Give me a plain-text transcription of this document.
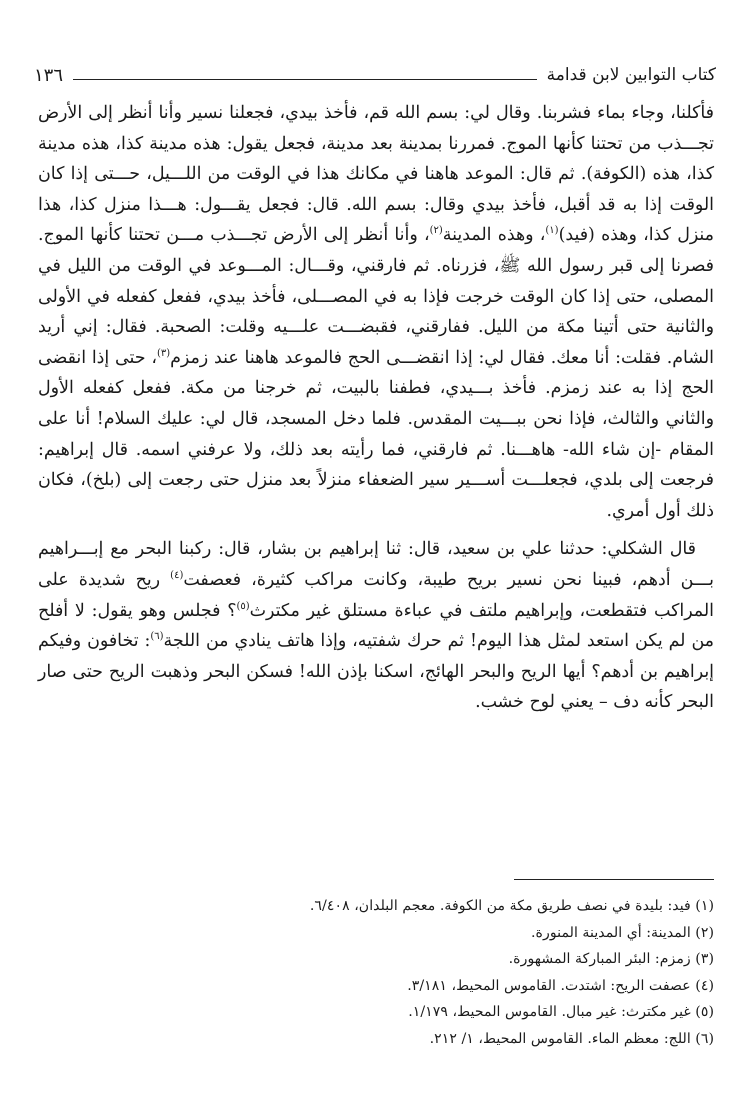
كتاب التوابين لابن قدامة
١٣٦

فأكلنا، وجاء بماء فشربنا. وقال لي: بسم الله قم، فأخذ بيدي، فجعلنا نسير وأنا أنظر إلى الأرض تجـــذب من تحتنا كأنها الموج. فمررنا بمدينة بعد مدينة، فجعل يقول: هذه مدينة كذا، هذه مدينة كذا، هذه (الكوفة). ثم قال: الموعد هاهنا في مكانك هذا في الوقت من اللـــيل، حـــتى إذا كان الوقت إذا به قد أقبل، فأخذ بيدي وقال: بسم الله. قال: فجعل يقـــول: هـــذا منزل كذا، هذا منزل كذا، وهذه (فيد)$^{(١)}$، وهذه المدينة$^{(٢)}$، وأنا أنظر إلى الأرض تجـــذب مـــن تحتنا كأنها الموج. فصرنا إلى قبر رسول الله ﷺ، فزرناه. ثم فارقني، وقـــال: المـــوعد في الوقت من الليل في المصلى، حتى إذا كان الوقت خرجت فإذا به في المصـــلى، فأخذ بيدي، ففعل كفعله في الأولى والثانية حتى أتينا مكة من الليل. ففارقني، فقبضـــت علـــيه وقلت: الصحبة. فقال: إني أريد الشام. فقلت: أنا معك. فقال لي: إذا انقضـــى الحج فالموعد هاهنا عند زمزم$^{(٣)}$، حتى إذا انقضى الحج إذا به عند زمزم. فأخذ بـــيدي، فطفنا بالبيت، ثم خرجنا من مكة. ففعل كفعله الأول والثاني والثالث، فإذا نحن ببـــيت المقدس. فلما دخل المسجد، قال لي: عليك السلام! أنا على المقام -إن شاء الله- هاهـــنا. ثم فارقني، فما رأيته بعد ذلك، ولا عرفني اسمه. قال إبراهيم: فرجعت إلى بلدي، فجعلـــت أســـير سير الضعفاء منزلاً بعد منزل حتى رجعت إلى (بلخ)، فكان ذلك أول أمري.

قال الشكلي: حدثنا علي بن سعيد، قال: ثنا إبراهيم بن بشار، قال: ركبنا البحر مع إبـــراهيم بـــن أدهم، فبينا نحن نسير بريح طيبة، وكانت مراكب كثيرة، فعصفت$^{(٤)}$ ريح شديدة على المراكب فتقطعت، وإبراهيم ملتف في عباءة مستلق غير مكترث$^{(٥)}$؟ فجلس وهو يقول: لا أفلح من لم يكن استعد لمثل هذا اليوم! ثم حرك شفتيه، وإذا هاتف ينادي من اللجة$^{(٦)}$: تخافون وفيكم إبراهيم بن أدهم؟ أيها الريح والبحر الهائج، اسكنا بإذن الله! فسكن البحر وذهبت الريح حتى صار البحر كأنه دف – يعني لوح خشب.

(١) فيد: بليدة في نصف طريق مكة من الكوفة. معجم البلدان، ٦/٤٠٨.
(٢) المدينة: أي المدينة المنورة.
(٣) زمزم: البئر المباركة المشهورة.
(٤) عصفت الريح: اشتدت. القاموس المحيط، ٣/١٨١.
(٥) غير مكترث: غير مبال. القاموس المحيط، ١/١٧٩.
(٦) اللج: معظم الماء. القاموس المحيط، ١/ ٢١٢.
